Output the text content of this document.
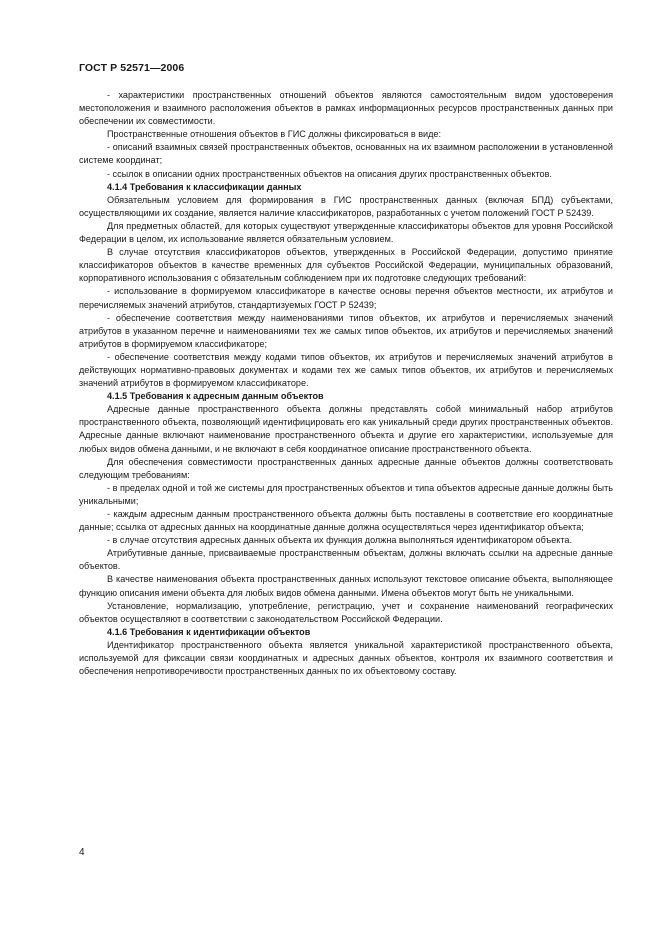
ГОСТ Р 52571—2006

- характеристики пространственных отношений объектов являются самостоятельным видом удостоверения местоположения и взаимного расположения объектов в рамках информационных ресурсов пространственных данных при обеспечении их совместимости.

Пространственные отношения объектов в ГИС должны фиксироваться в виде:

- описаний взаимных связей пространственных объектов, основанных на их взаимном расположении в установленной системе координат;

- ссылок в описании одних пространственных объектов на описания других пространственных объектов.

4.1.4 Требования к классификации данных

Обязательным условием для формирования в ГИС пространственных данных (включая БПД) субъектами, осуществляющими их создание, является наличие классификаторов, разработанных с учетом положений ГОСТ Р 52439.

Для предметных областей, для которых существуют утвержденные классификаторы объектов для уровня Российской Федерации в целом, их использование является обязательным условием.

В случае отсутствия классификаторов объектов, утвержденных в Российской Федерации, допустимо принятие классификаторов объектов в качестве временных для субъектов Российской Федерации, муниципальных образований, корпоративного использования с обязательным соблюдением при их подготовке следующих требований:

- использование в формируемом классификаторе в качестве основы перечня объектов местности, их атрибутов и перечисляемых значений атрибутов, стандартизуемых ГОСТ Р 52439;

- обеспечение соответствия между наименованиями типов объектов, их атрибутов и перечисляемых значений атрибутов в указанном перечне и наименованиями тех же самых типов объектов, их атрибутов и перечисляемых значений атрибутов в формируемом классификаторе;

- обеспечение соответствия между кодами типов объектов, их атрибутов и перечисляемых значений атрибутов в действующих нормативно-правовых документах и кодами тех же самых типов объектов, их атрибутов и перечисляемых значений атрибутов в формируемом классификаторе.

4.1.5 Требования к адресным данным объектов

Адресные данные пространственного объекта должны представлять собой минимальный набор атрибутов пространственного объекта, позволяющий идентифицировать его как уникальный среди других пространственных объектов. Адресные данные включают наименование пространственного объекта и другие его характеристики, используемые для любых видов обмена данными, и не включают в себя координатное описание пространственного объекта.

Для обеспечения совместимости пространственных данных адресные данные объектов должны соответствовать следующим требованиям:

- в пределах одной и той же системы для пространственных объектов и типа объектов адресные данные должны быть уникальными;

- каждым адресным данным пространственного объекта должны быть поставлены в соответствие его координатные данные; ссылка от адресных данных на координатные данные должна осуществляться через идентификатор объекта;

- в случае отсутствия адресных данных объекта их функция должна выполняться идентификатором объекта.

Атрибутивные данные, присваиваемые пространственным объектам, должны включать ссылки на адресные данные объектов.

В качестве наименования объекта пространственных данных используют текстовое описание объекта, выполняющее функцию описания имени объекта для любых видов обмена данными. Имена объектов могут быть не уникальными.

Установление, нормализацию, употребление, регистрацию, учет и сохранение наименований географических объектов осуществляют в соответствии с законодательством Российской Федерации.

4.1.6 Требования к идентификации объектов

Идентификатор пространственного объекта является уникальной характеристикой пространственного объекта, используемой для фиксации связи координатных и адресных данных объектов, контроля их взаимного соответствия и обеспечения непротиворечивости пространственных данных по их объектовому составу.

4
